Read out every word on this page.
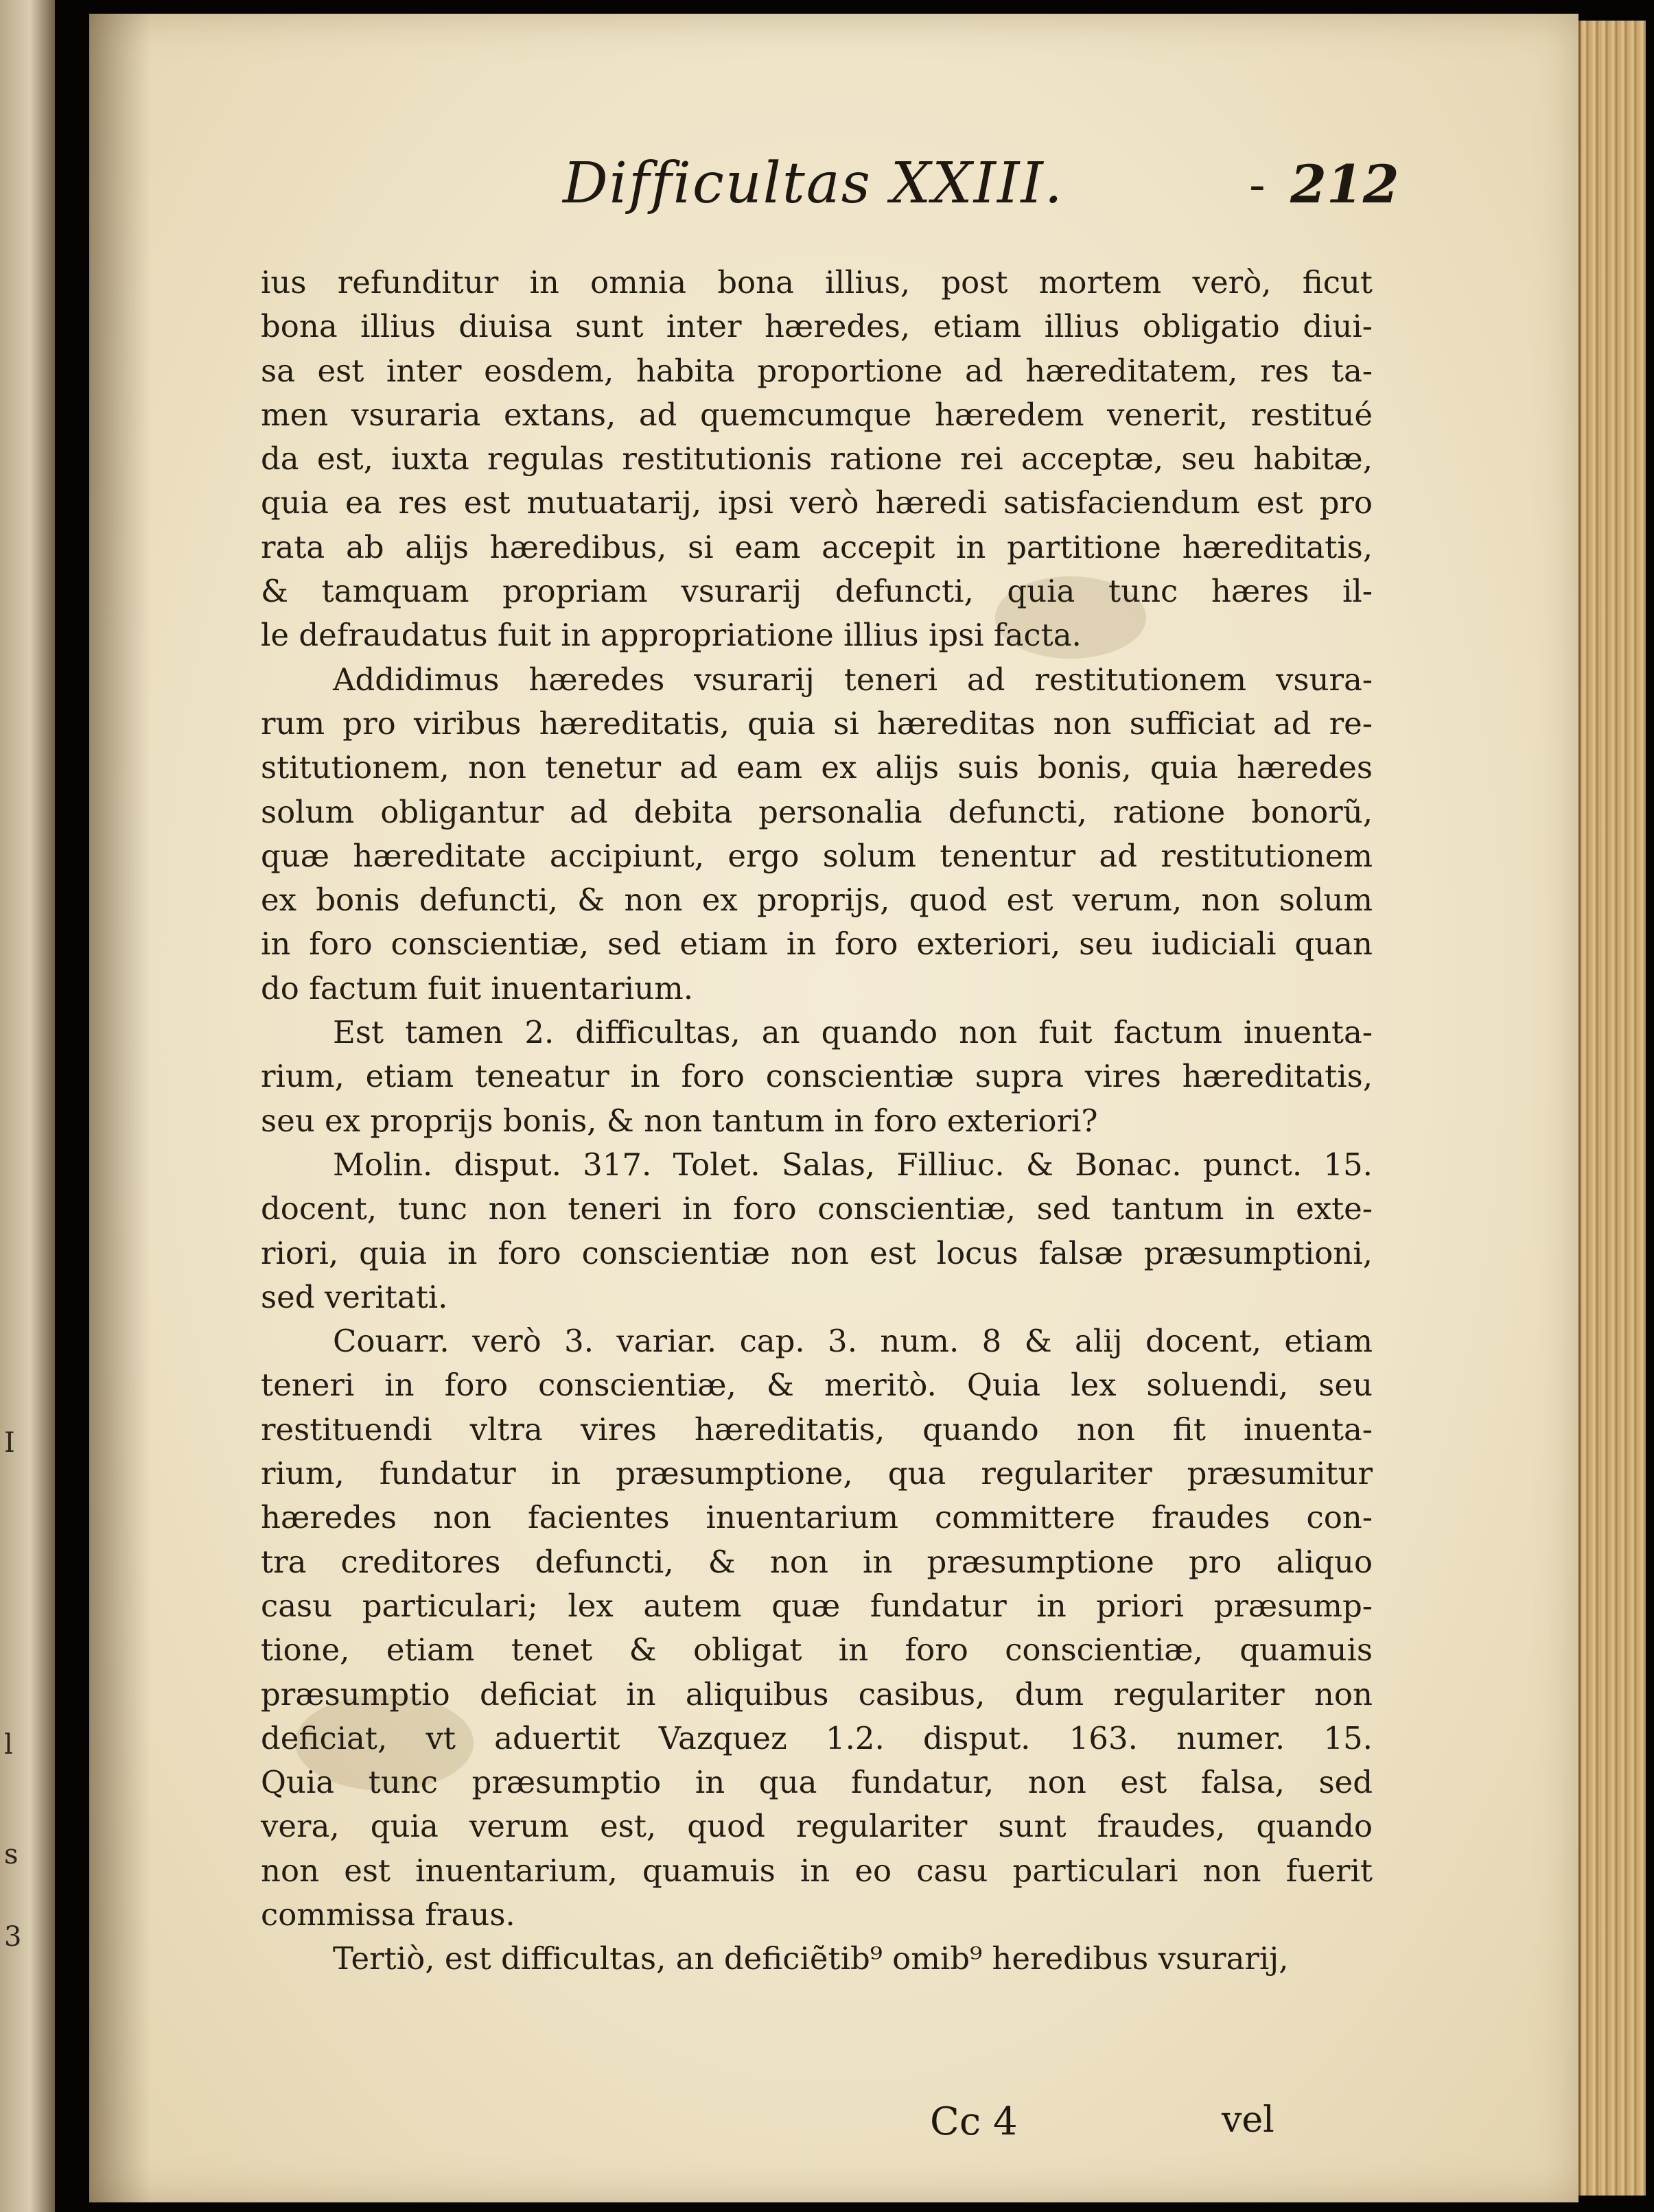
I
l
s
3
Difficultas XXIII.	- 212
ius refunditur in omnia bona illius, post mortem verò, ficut
bona illius diuisa sunt inter hæredes, etiam illius obligatio diui-
sa est inter eosdem, habita proportione ad hæreditatem, res ta-
men vsuraria extans, ad quemcumque hæredem venerit, restitué
da est, iuxta regulas restitutionis ratione rei acceptæ, seu habitæ,
quia ea res est mutuatarij, ipsi verò hæredi satisfaciendum est pro
rata ab alijs hæredibus, si eam accepit in partitione hæreditatis,
& tamquam propriam vsurarij defuncti, quia tunc hæres il-
le defraudatus fuit in appropriatione illius ipsi facta.
Addidimus hæredes vsurarij teneri ad restitutionem vsura-
rum pro viribus hæreditatis, quia si hæreditas non sufficiat ad re-
stitutionem, non tenetur ad eam ex alijs suis bonis, quia hæredes
solum obligantur ad debita personalia defuncti, ratione bonorũ,
quæ hæreditate accipiunt, ergo solum tenentur ad restitutionem
ex bonis defuncti, & non ex proprijs, quod est verum, non solum
in foro conscientiæ, sed etiam in foro exteriori, seu iudiciali quan
do factum fuit inuentarium.
Est tamen 2. difficultas, an quando non fuit factum inuenta-
rium, etiam teneatur in foro conscientiæ supra vires hæreditatis,
seu ex proprijs bonis, & non tantum in foro exteriori?
Molin. disput. 317. Tolet. Salas, Filliuc. & Bonac. punct. 15.
docent, tunc non teneri in foro conscientiæ, sed tantum in exte-
riori, quia in foro conscientiæ non est locus falsæ præsumptioni,
sed veritati.
Couarr. verò 3. variar. cap. 3. num. 8 & alij docent, etiam
teneri in foro conscientiæ, & meritò. Quia lex soluendi, seu
restituendi vltra vires hæreditatis, quando non fit inuenta-
rium, fundatur in præsumptione, qua regulariter præsumitur
hæredes non facientes inuentarium committere fraudes con-
tra creditores defuncti, & non in præsumptione pro aliquo
casu particulari; lex autem quæ fundatur in priori præsump-
tione, etiam tenet & obligat in foro conscientiæ, quamuis
præsumptio deficiat in aliquibus casibus, dum regulariter non
deficiat, vt aduertit Vazquez 1.2. disput. 163. numer. 15.
Quia tunc præsumptio in qua fundatur, non est falsa, sed
vera, quia verum est, quod regulariter sunt fraudes, quando
non est inuentarium, quamuis in eo casu particulari non fuerit
commissa fraus.
Tertiò, est difficultas, an deficiẽtib⁹ omib⁹ heredibus vsurarij,
Cc 4	vel
